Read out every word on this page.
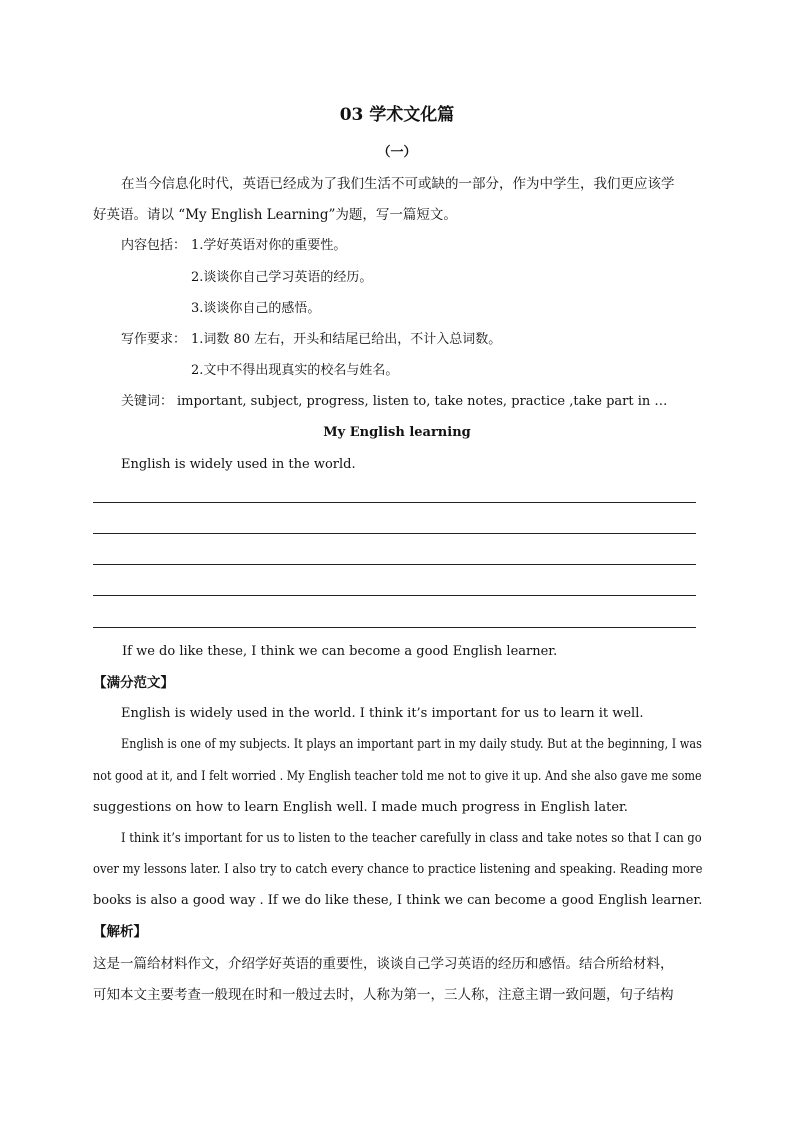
03 学术文化篇
（一）
在当今信息化时代，英语已经成为了我们生活不可或缺的一部分，作为中学生，我们更应该学
好英语。请以 “My English Learning”为题，写一篇短文。
内容包括： 1.学好英语对你的重要性。
2.谈谈你自己学习英语的经历。
3.谈谈你自己的感悟。
写作要求： 1.词数 80 左右，开头和结尾已给出，不计入总词数。
2.文中不得出现真实的校名与姓名。
关键词： important, subject, progress, listen to, take notes, practice ,take part in …
My English learning
English is widely used in the world.
If we do like these, I think we can become a good English learner.
【满分范文】
English is widely used in the world. I think it’s important for us to learn it well.
English is one of my subjects. It plays an important part in my daily study. But at the beginning, I was
not good at it, and I felt worried . My English teacher told me not to give it up. And she also gave me some
suggestions on how to learn English well. I made much progress in English later.
I think it’s important for us to listen to the teacher carefully in class and take notes so that I can go
over my lessons later. I also try to catch every chance to practice listening and speaking. Reading more
books is also a good way . If we do like these, I think we can become a good English learner.
【解析】
这是一篇给材料作文，介绍学好英语的重要性，谈谈自己学习英语的经历和感悟。结合所给材料，
可知本文主要考查一般现在时和一般过去时，人称为第一，三人称，注意主谓一致问题，句子结构
